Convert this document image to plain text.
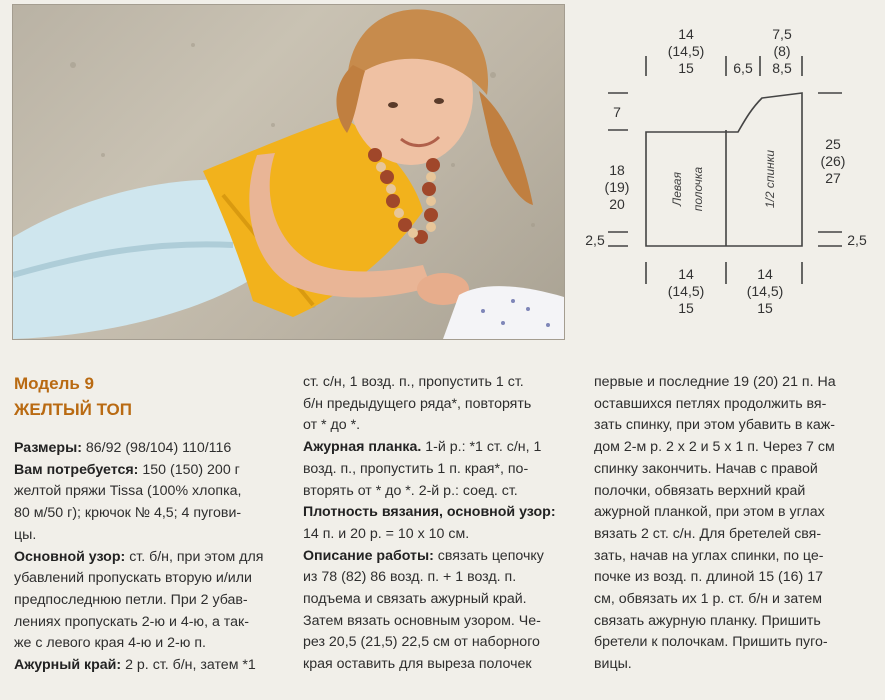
14
(14,5)
15	6,5
7,5
(8)
8,5
7
18
(19)
20
25
(26)
27
2,5	2,5
14
(14,5)
15
14
(14,5)
15
Левая полочка	1/2 спинки
Модель 9
ЖЕЛТЫЙ ТОП

Размеры: 86/92 (98/104) 110/116

Вам потребуется: 150 (150) 200 г
желтой пряжи Tissa (100% хлопка,
80 м/50 г); крючок № 4,5; 4 пугови-
цы.

Основной узор: ст. б/н, при этом для
убавлений пропускать вторую и/или
предпоследнюю петли. При 2 убав-
лениях пропускать 2-ю и 4-ю, а так-
же с левого края 4-ю и 2-ю п.

Ажурный край: 2 р. ст. б/н, затем *1

ст. с/н, 1 возд. п., пропустить 1 ст.
б/н предыдущего ряда*, повторять
от * до *.

Ажурная планка. 1-й р.: *1 ст. с/н, 1
возд. п., пропустить 1 п. края*, по-
вторять от * до *. 2-й р.: соед. ст.

Плотность вязания, основной узор:
14 п. и 20 р. = 10 х 10 см.

Описание работы: связать цепочку
из 78 (82) 86 возд. п. + 1 возд. п.
подъема и связать ажурный край.
Затем вязать основным узором. Че-
рез 20,5 (21,5) 22,5 см от наборного
края оставить для выреза полочек

первые и последние 19 (20) 21 п. На
оставшихся петлях продолжить вя-
зать спинку, при этом убавить в каж-
дом 2-м р. 2 х 2 и 5 х 1 п. Через 7 см
спинку закончить. Начав с правой
полочки, обвязать верхний край
ажурной планкой, при этом в углах
вязать 2 ст. с/н. Для бретелей свя-
зать, начав на углах спинки, по це-
почке из возд. п. длиной 15 (16) 17
см, обвязать их 1 р. ст. б/н и затем
связать ажурную планку. Пришить
бретели к полочкам. Пришить пуго-
вицы.
